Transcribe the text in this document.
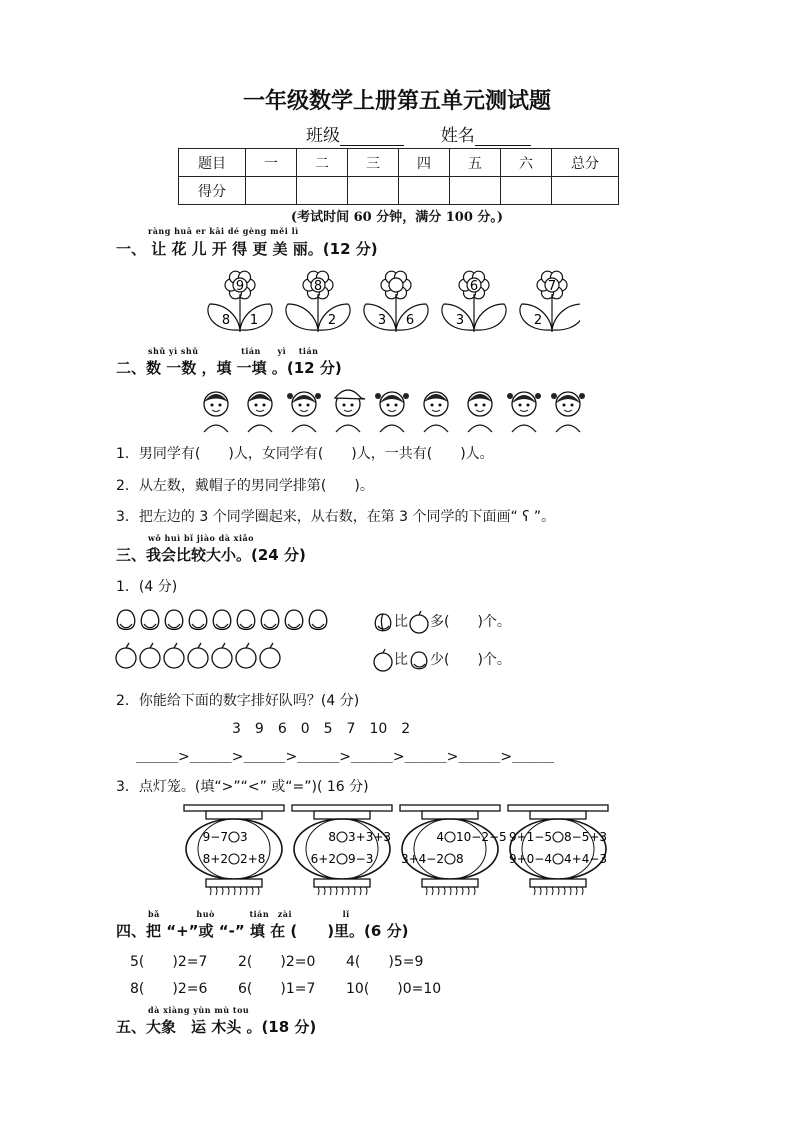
一年级数学上册第五单元测试题
班级	姓名
题目	一	二	三	四	五	六	总分
得分							
(考试时间 60 分钟，满分 100 分。)
ràng huā er kāi dé gèng měi lì
一、 让 花 儿 开 得 更 美 丽。(12 分)
9
8 1
8
2	3 6
6
3
7
2
shǔ yì shǔ	tián yì tián
二、数 一数 ，填 一填 。(12 分)
1．男同学有(　　)人，女同学有(　　)人，一共有(　　)人。
2．从左数，戴帽子的男同学排第(　　)。
3．把左边的 3 个同学圈起来，从右数，在第 3 个同学的下面画“ ʕ ”。
wǒ huì bǐ jiào dà xiǎo
三、我会比较大小。(24 分)
1．(4 分)
比 多( )个。
比 少( )个。
2．你能给下面的数字排好队吗？(4 分)
3　9　6　0　5　7　10　2
＿＿＿>＿＿＿>＿＿＿>＿＿＿>＿＿＿>＿＿＿>＿＿＿>＿＿＿
3．点灯笼。(填“>”“<” 或“=”)( 16 分)
9−7 3
8+2 2+8
8 3+3+3
6+2 9−3
4 10−2−5
3+4−2 8
9+1−5 8−5+3
9+0−4 4+4−3
bǎ	huò	tián zài	lǐ
四、把 “+”或 “-” 填 在 (　　)里。(6 分)
5(　　)2=7 2(　　)2=0 4(　　)5=9
8(　　)2=6 6(　　)1=7 10(　　)0=10
dà xiàng yùn mù tou
五、大象　运 木头 。(18 分)
